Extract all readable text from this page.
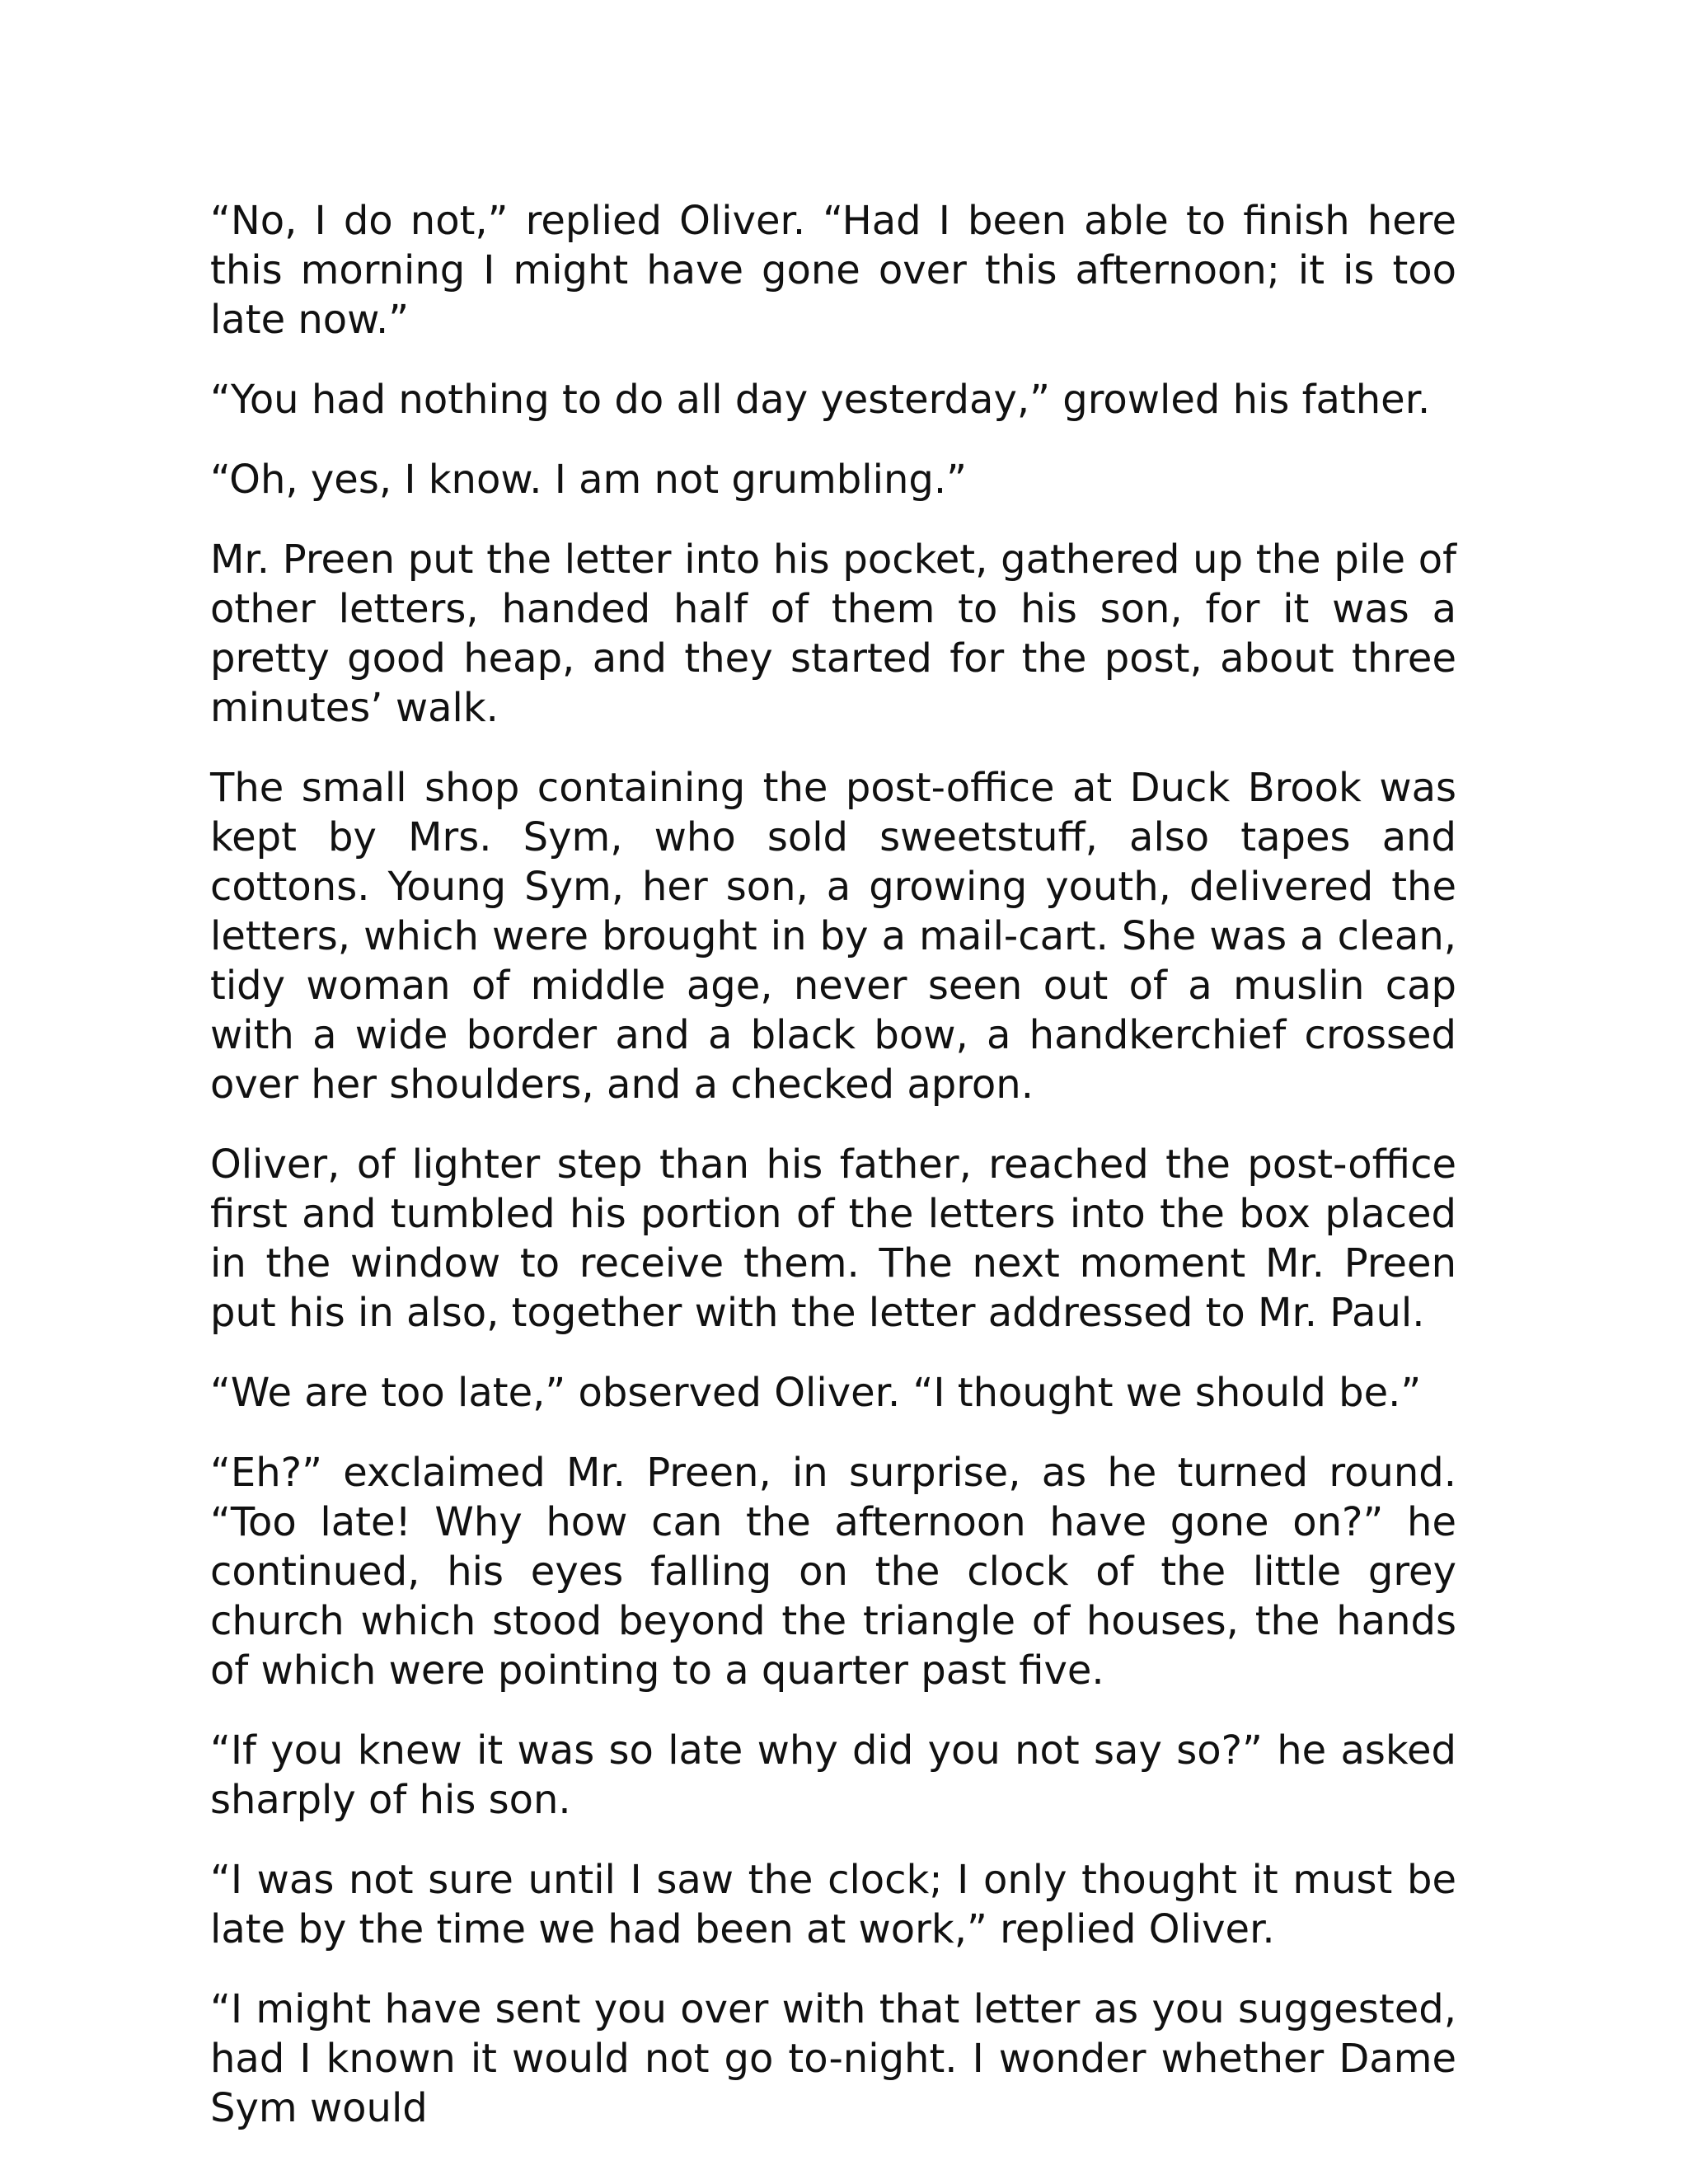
“No, I do not,” replied Oliver. “Had I been able to finish here this morning I might have gone over this afternoon; it is too late now.”

“You had nothing to do all day yesterday,” growled his father.

“Oh, yes, I know. I am not grumbling.”

Mr. Preen put the letter into his pocket, gathered up the pile of other letters, handed half of them to his son, for it was a pretty good heap, and they started for the post, about three minutes’ walk.

The small shop containing the post-office at Duck Brook was kept by Mrs. Sym, who sold sweetstuff, also tapes and cottons. Young Sym, her son, a growing youth, delivered the letters, which were brought in by a mail-cart. She was a clean, tidy woman of middle age, never seen out of a muslin cap with a wide border and a black bow, a handkerchief crossed over her shoulders, and a checked apron.

Oliver, of lighter step than his father, reached the post-office first and tumbled his portion of the letters into the box placed in the window to receive them. The next moment Mr. Preen put his in also, together with the letter addressed to Mr. Paul.

“We are too late,” observed Oliver. “I thought we should be.”

“Eh?” exclaimed Mr. Preen, in surprise, as he turned round. “Too late! Why how can the afternoon have gone on?” he continued, his eyes falling on the clock of the little grey church which stood beyond the triangle of houses, the hands of which were pointing to a quarter past five.

“If you knew it was so late why did you not say so?” he asked sharply of his son.

“I was not sure until I saw the clock; I only thought it must be late by the time we had been at work,” replied Oliver.

“I might have sent you over with that letter as you suggested, had I known it would not go to-night. I wonder whether Dame Sym would
